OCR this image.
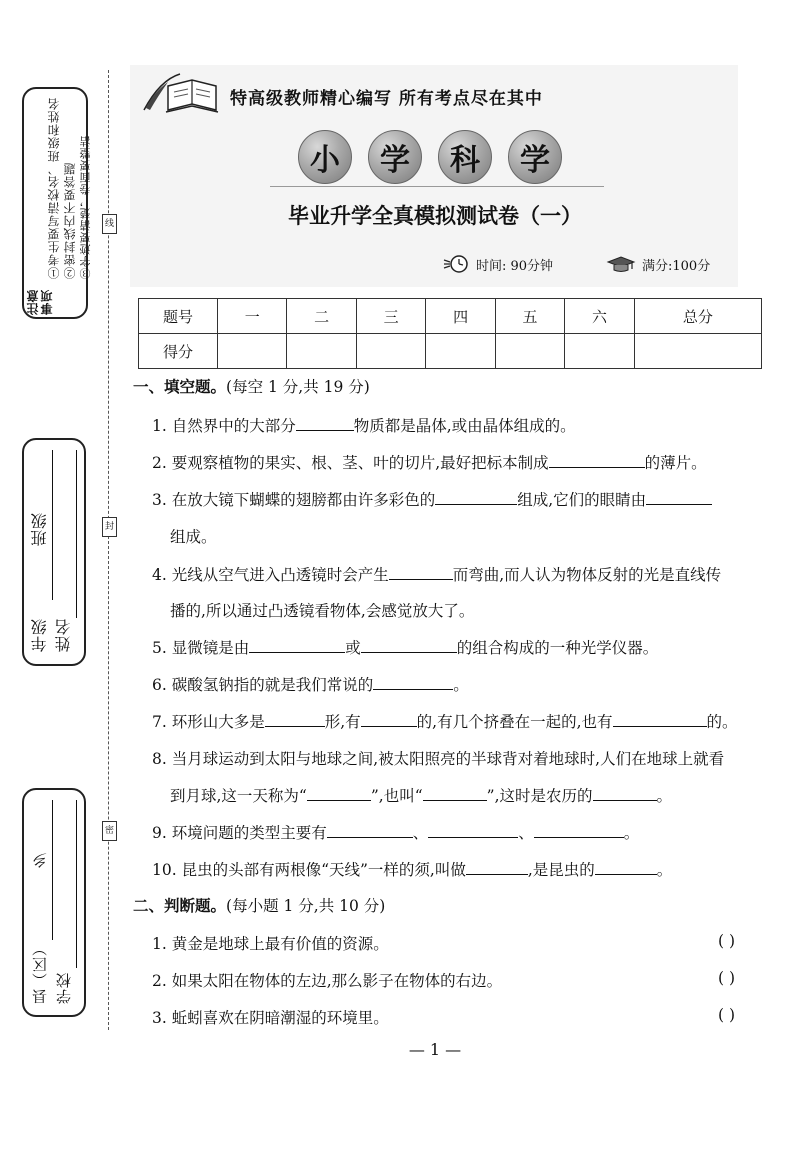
注意事项
①考生要写清校名、班级和姓名 ②密封线内不要答题 ③字迹要清楚，卷面要整洁
年级
班级
姓名
县（区）
乡
学校
线
封
密
特高级教师精心编写 所有考点尽在其中
小	学	科	学
毕业升学全真模拟测试卷（一）
时间: 90分钟	满分:100分
题号	一	二	三	四	五	六	总分
得分							
一、填空题。(每空 1 分,共 19 分)
1. 自然界中的大部分	物质都是晶体,或由晶体组成的。
2. 要观察植物的果实、根、茎、叶的切片,最好把标本制成	的薄片。
3. 在放大镜下蝴蝶的翅膀都由许多彩色的	组成,它们的眼睛由
组成。
4. 光线从空气进入凸透镜时会产生	而弯曲,而人认为物体反射的光是直线传
播的,所以通过凸透镜看物体,会感觉放大了。
5. 显微镜是由	或	的组合构成的一种光学仪器。
6. 碳酸氢钠指的就是我们常说的	。
7. 环形山大多是	形,有	的,有几个挤叠在一起的,也有	的。
8. 当月球运动到太阳与地球之间,被太阳照亮的半球背对着地球时,人们在地球上就看
到月球,这一天称为“	”,也叫“	”,这时是农历的	。
9. 环境问题的类型主要有	、	、	。
10. 昆虫的头部有两根像“天线”一样的须,叫做	,是昆虫的	。
二、判断题。(每小题 1 分,共 10 分)
1. 黄金是地球上最有价值的资源。	( )
2. 如果太阳在物体的左边,那么影子在物体的右边。	( )
3. 蚯蚓喜欢在阴暗潮湿的环境里。	( )
— 1 —
